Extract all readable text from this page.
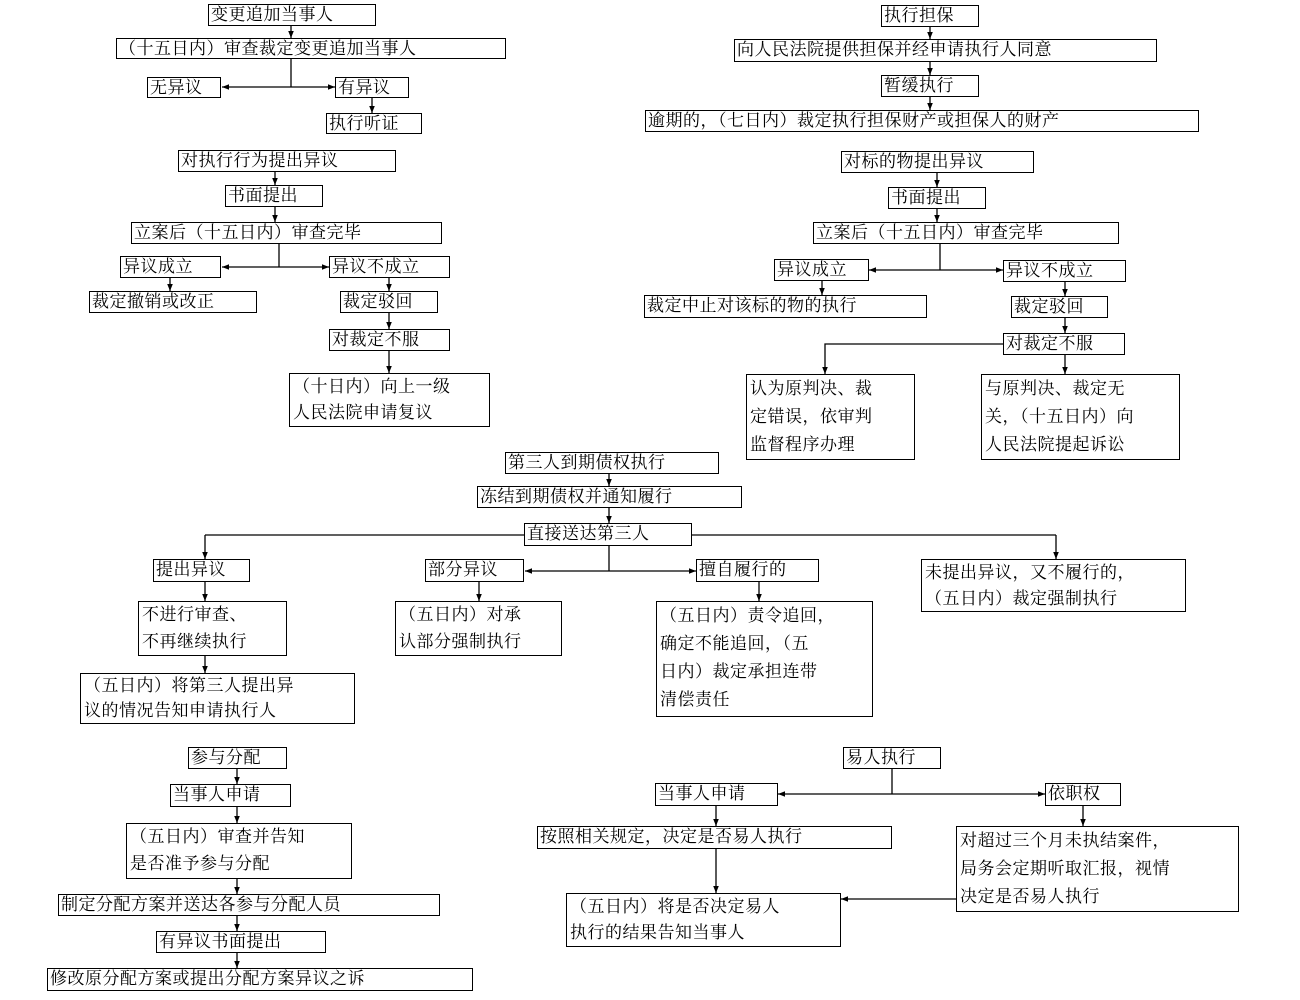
变更追加当事人
（十五日内）审查裁定变更追加当事人
无异议	有异议
执行听证
对执行行为提出异议
书面提出
立案后（十五日内）审查完毕
异议成立	异议不成立
裁定撤销或改正	裁定驳回
对裁定不服
（十日内）向上一级
人民法院申请复议
执行担保
向人民法院提供担保并经申请执行人同意
暂缓执行
逾期的，（七日内）裁定执行担保财产或担保人的财产
对标的物提出异议
书面提出
立案后（十五日内）审查完毕
异议成立	异议不成立
裁定中止对该标的物的执行	裁定驳回
对裁定不服
认为原判决、裁
定错误，依审判
监督程序办理
与原判决、裁定无
关，（十五日内）向
人民法院提起诉讼
第三人到期债权执行
冻结到期债权并通知履行
直接送达第三人
提出异议	部分异议	擅自履行的	未提出异议，又不履行的，
（五日内）裁定强制执行
不进行审查、
不再继续执行
（五日内）对承
认部分强制执行
（五日内）责令追回，
确定不能追回，（五
日内）裁定承担连带
清偿责任
（五日内）将第三人提出异
议的情况告知申请执行人
参与分配
当事人申请
（五日内）审查并告知
是否准予参与分配
制定分配方案并送达各参与分配人员
有异议书面提出
修改原分配方案或提出分配方案异议之诉
易人执行
当事人申请	依职权
按照相关规定，决定是否易人执行	对超过三个月未执结案件，
局务会定期听取汇报，视情
决定是否易人执行
（五日内）将是否决定易人
执行的结果告知当事人
